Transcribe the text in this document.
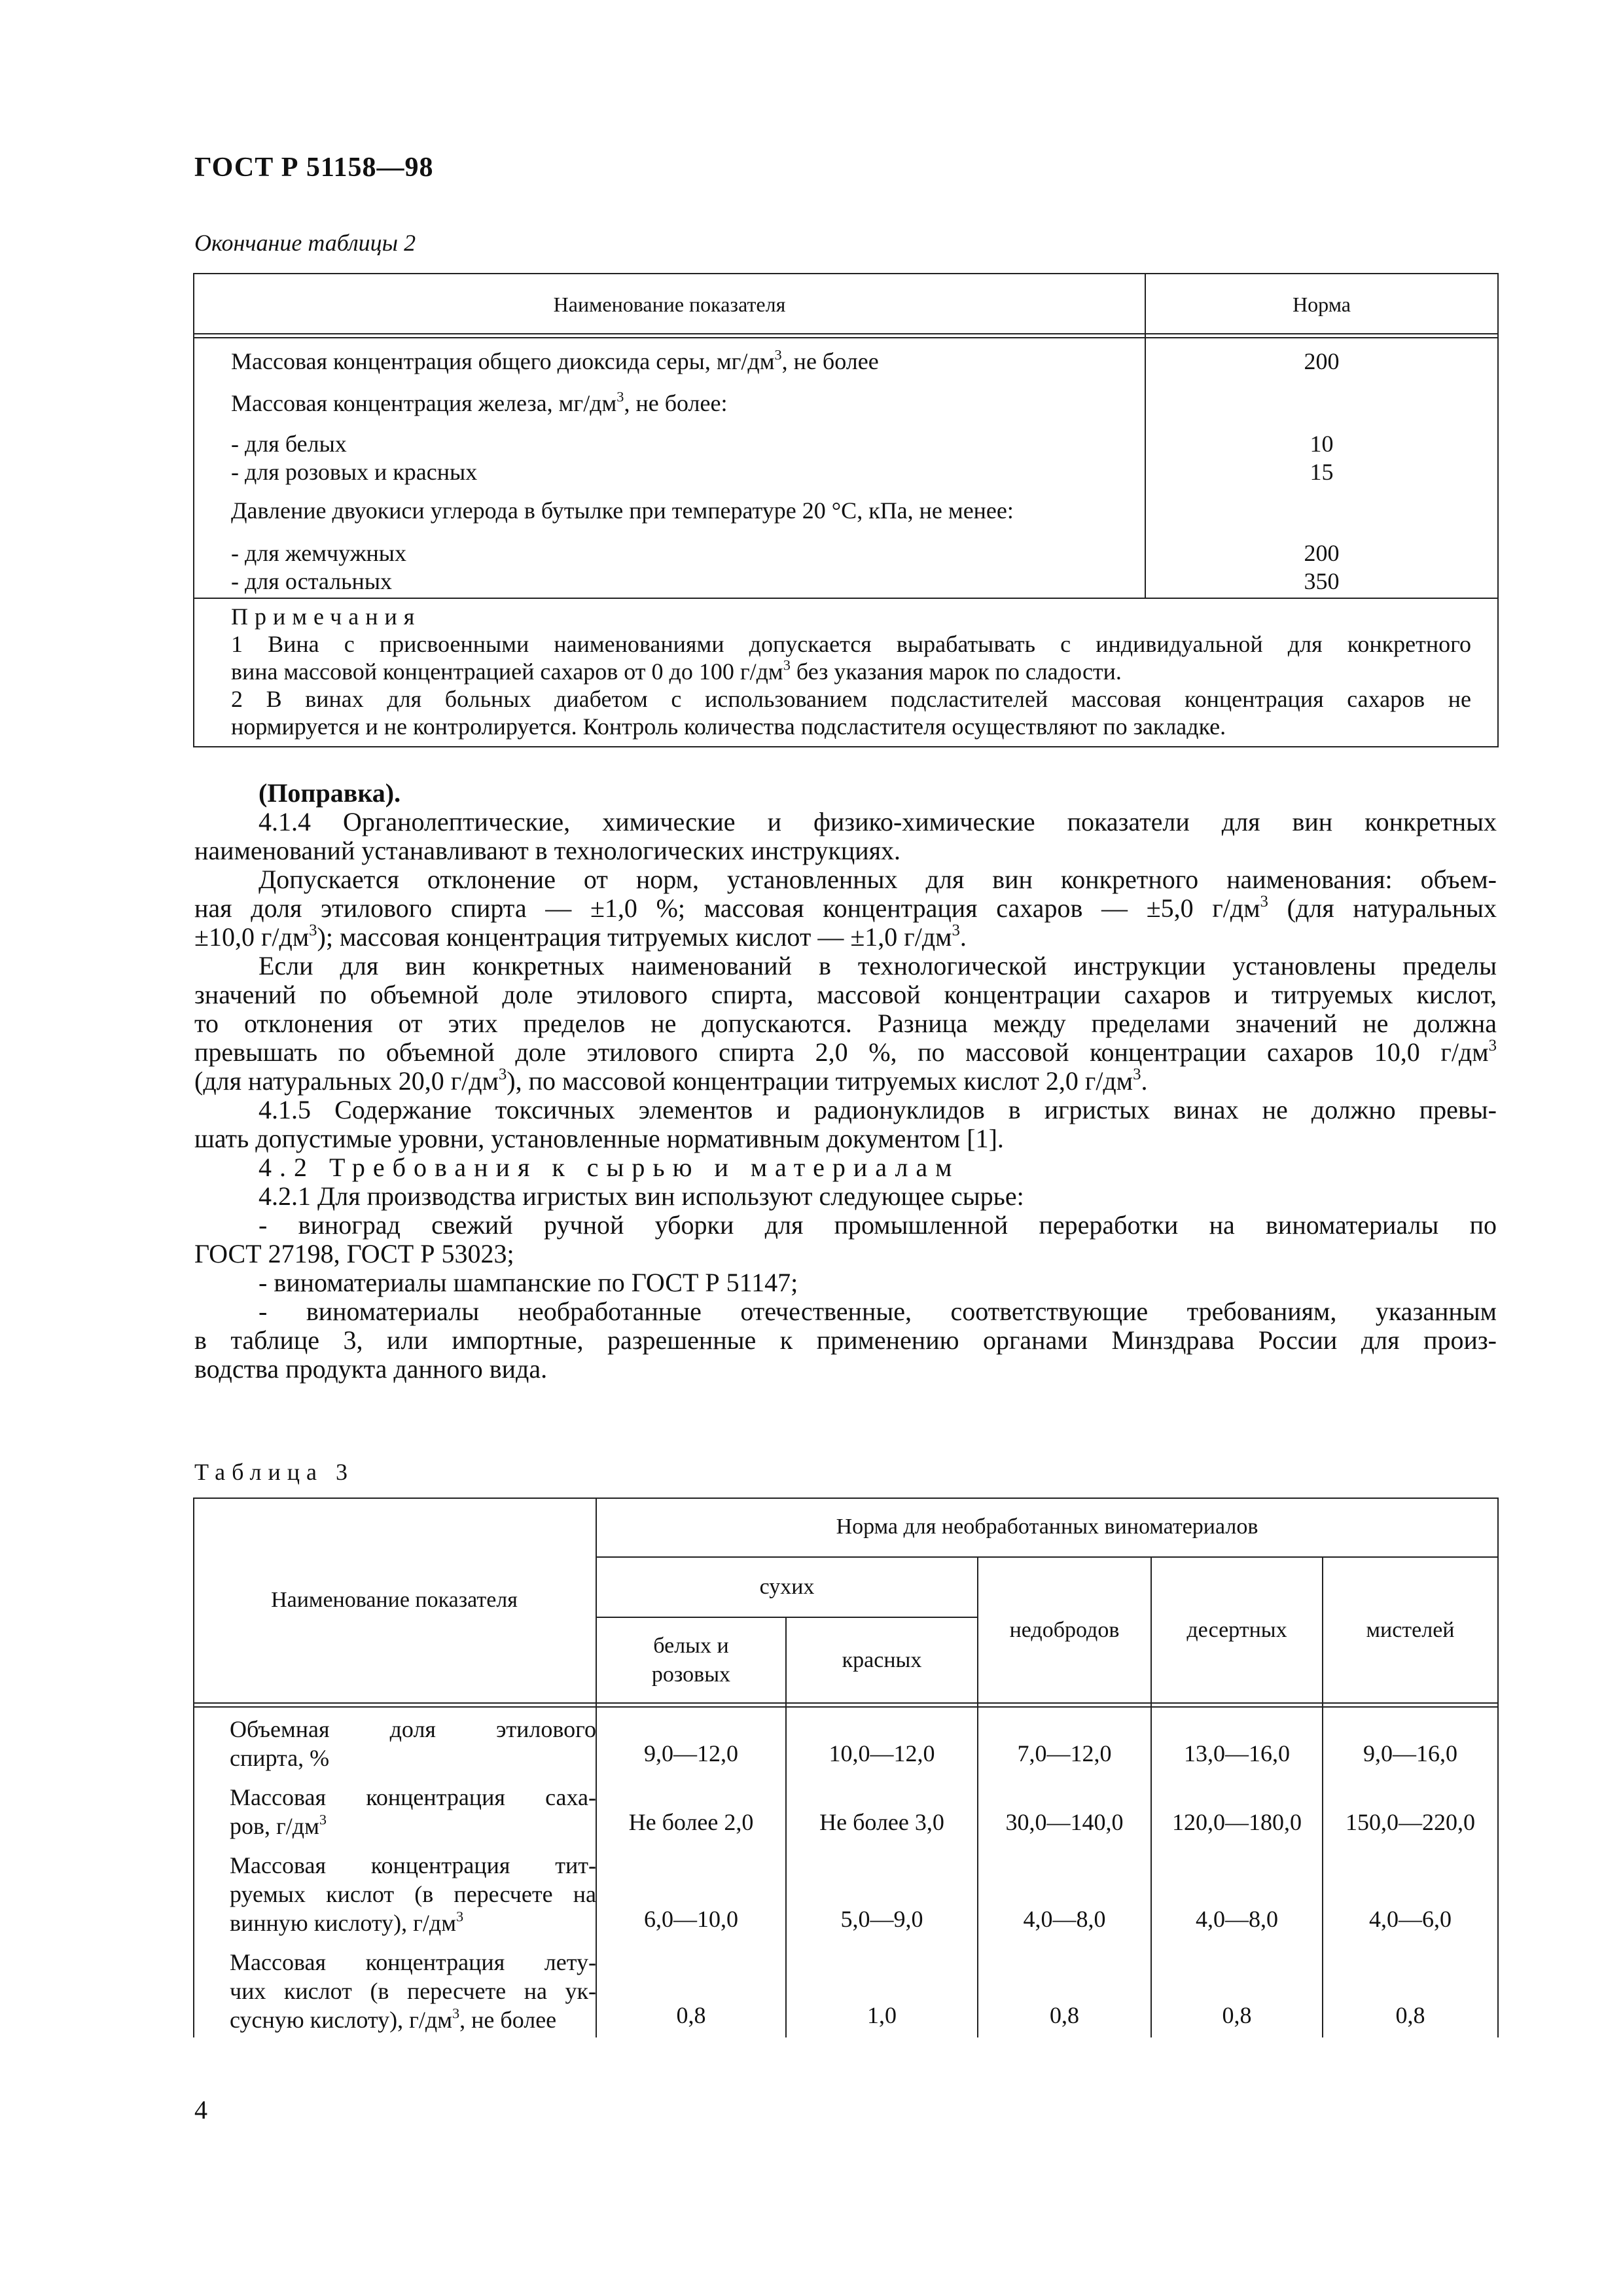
ГОСТ Р 51158—98
Окончание таблицы 2
Наименование показателя	Норма
Массовая концентрация общего диоксида серы, $мг/дм^3$, не более	200
Массовая концентрация железа, $мг/дм^3$, не более:
- для белых	10
- для розовых и красных	15
Давление двуокиси углерода в бутылке при температуре 20 °С, кПа, не менее:
- для жемчужных	200
- для остальных	350
Примечания
1 Вина с присвоенными наименованиями допускается вырабатывать с индивидуальной для конкретного
вина массовой концентрацией сахаров от 0 до 100 $г/дм^3$ без указания марок по сладости.
2 В винах для больных диабетом с использованием подсластителей массовая концентрация сахаров не
нормируется и не контролируется. Контроль количества подсластителя осуществляют по закладке.

(Поправка).

4.1.4 Органолептические, химические и физико-химические показатели для вин конкретных

наименований устанавливают в технологических инструкциях.

Допускается отклонение от норм, установленных для вин конкретного наименования: объем-

ная доля этилового спирта — ±1,0 %; массовая концентрация сахаров — ±5,0 $г/дм^3$ (для натуральных

±10,0 $г/дм^3$); массовая концентрация титруемых кислот — ±1,0 $г/дм^3$.

Если для вин конкретных наименований в технологической инструкции установлены пределы

значений по объемной доле этилового спирта, массовой концентрации сахаров и титруемых кислот,

то отклонения от этих пределов не допускаются. Разница между пределами значений не должна

превышать по объемной доле этилового спирта 2,0 %, по массовой концентрации сахаров 10,0 $г/дм^3$

(для натуральных 20,0 $г/дм^3$), по массовой концентрации титруемых кислот 2,0 $г/дм^3$.

4.1.5 Содержание токсичных элементов и радионуклидов в игристых винах не должно превы-

шать допустимые уровни, установленные нормативным документом [1].

4.2 Требования к сырью и материалам

4.2.1 Для производства игристых вин используют следующее сырье:

- виноград свежий ручной уборки для промышленной переработки на виноматериалы по

ГОСТ 27198, ГОСТ Р 53023;

- виноматериалы шампанские по ГОСТ Р 51147;

- виноматериалы необработанные отечественные, соответствующие требованиям, указанным

в таблице 3, или импортные, разрешенные к применению органами Минздрава России для произ-

водства продукта данного вида.

Таблица 3
Наименование показателя
Норма для необработанных виноматериалов
сухих
белых и розовых
красных
недобродов	десертных	мистелей
Объемная доля этилового
спирта, %	9,0—12,0	10,0—12,0	7,0—12,0	13,0—16,0	9,0—16,0
Массовая концентрация саха-
ров, $г/дм^3$	Не более 2,0	Не более 3,0	30,0—140,0	120,0—180,0	150,0—220,0
Массовая концентрация тит-
руемых кислот (в пересчете на
винную кислоту), $г/дм^3$	6,0—10,0	5,0—9,0	4,0—8,0	4,0—8,0	4,0—6,0
Массовая концентрация лету-
чих кислот (в пересчете на ук-
сусную кислоту), $г/дм^3$, не более	0,8	1,0	0,8	0,8	0,8
4
